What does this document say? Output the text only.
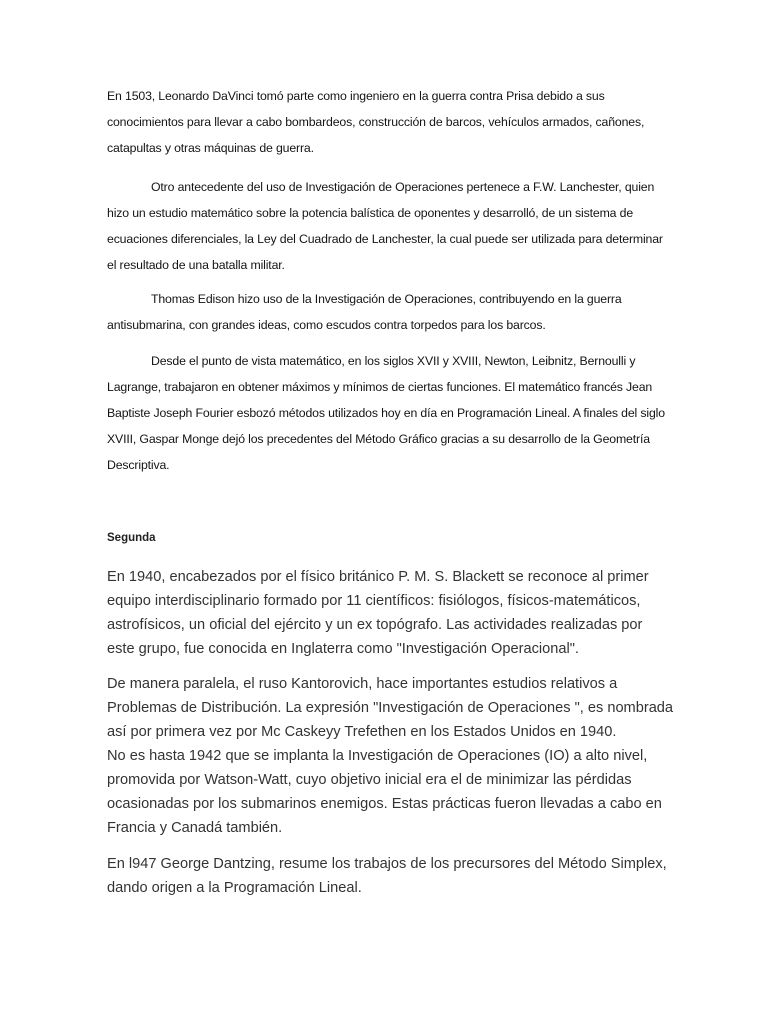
En 1503, Leonardo DaVinci tomó parte como ingeniero en la guerra contra Prisa debido a sus conocimientos para llevar a cabo bombardeos, construcción de barcos, vehículos armados, cañones, catapultas y otras máquinas de guerra.

Otro antecedente del uso de Investigación de Operaciones pertenece a F.W. Lanchester, quien hizo un estudio matemático sobre la potencia balística de oponentes y desarrolló, de un sistema de ecuaciones diferenciales, la Ley del Cuadrado de Lanchester, la cual puede ser utilizada para determinar el resultado de una batalla militar.

Thomas Edison hizo uso de la Investigación de Operaciones, contribuyendo en la guerra antisubmarina, con grandes ideas, como escudos contra torpedos para los barcos.

Desde el punto de vista matemático, en los siglos XVII y XVIII, Newton, Leibnitz, Bernoulli y Lagrange, trabajaron en obtener máximos y mínimos de ciertas funciones. El matemático francés Jean Baptiste Joseph Fourier esbozó métodos utilizados hoy en día en Programación Lineal. A finales del siglo XVIII, Gaspar Monge dejó los precedentes del Método Gráfico gracias a su desarrollo de la Geometría Descriptiva.

Segunda

En 1940, encabezados por el físico británico P. M. S. Blackett se reconoce al primer equipo interdisciplinario formado por 11 científicos: fisiólogos, físicos-matemáticos, astrofísicos, un oficial del ejército y un ex topógrafo. Las actividades realizadas por este grupo, fue conocida en Inglaterra como "Investigación Operacional".

De manera paralela, el ruso Kantorovich, hace importantes estudios relativos a Problemas de Distribución. La expresión "Investigación de Operaciones ", es nombrada así por primera vez por Mc Caskeyy Trefethen en los Estados Unidos en 1940.

No es hasta 1942 que se implanta la Investigación de Operaciones (IO) a alto nivel, promovida por Watson-Watt, cuyo objetivo inicial era el de minimizar las pérdidas ocasionadas por los submarinos enemigos. Estas prácticas fueron llevadas a cabo en Francia y Canadá también.

En l947 George Dantzing, resume los trabajos de los precursores del Método Simplex, dando origen a la Programación Lineal.
